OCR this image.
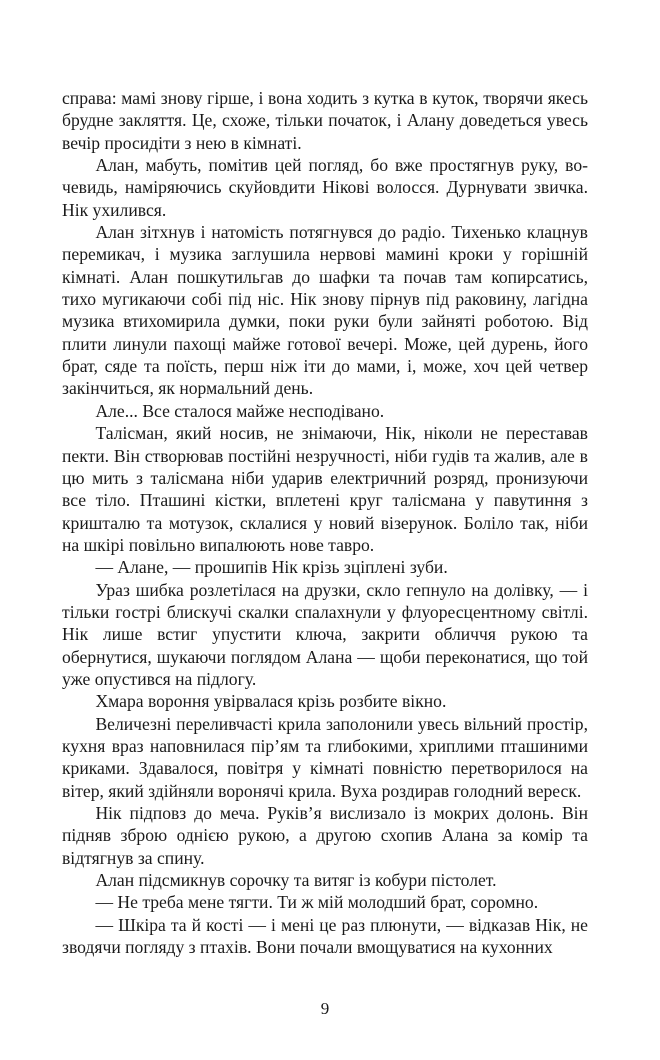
справа: мамі знову гірше, і вона ходить з кутка в куток, творячи якесь брудне закляття. Це, схоже, тільки початок, і Алану доведеться увесь вечір просидіти з нею в кімнаті.

Алан, мабуть, помітив цей погляд, бо вже простягнув руку, вочевидь, наміряючись скуйовдити Нікові волосся. Дурнувати звичка. Нік ухилився.

Алан зітхнув і натомість потягнувся до радіо. Тихенько клацнув перемикач, і музика заглушила нервові мамині кроки у горішній кімнаті. Алан пошкутильгав до шафки та почав там копирсатись, тихо мугикаючи собі під ніс. Нік знову пірнув під раковину, лагідна музика втихомирила думки, поки руки були зайняті роботою. Від плити линули пахощі майже готової вечері. Може, цей дурень, його брат, сяде та поїсть, перш ніж іти до мами, і, може, хоч цей четвер закінчиться, як нормальний день.

Але... Все сталося майже несподівано.

Талісман, який носив, не знімаючи, Нік, ніколи не переставав пекти. Він створював постійні незручності, ніби гудів та жалив, але в цю мить з талісмана ніби ударив електричний розряд, пронизуючи все тіло. Пташині кістки, вплетені круг талісмана у павутиння з кришталю та мотузок, склалися у новий візерунок. Боліло так, ніби на шкірі повільно випалюють нове тавро.

— Алане, — прошипів Нік крізь зціплені зуби.

Ураз шибка розлетілася на друзки, скло гепнуло на долівку, — і тільки гострі блискучі скалки спалахнули у флуоресцентному світлі. Нік лише встиг упустити ключа, закрити обличчя рукою та обернутися, шукаючи поглядом Алана — щоби переконатися, що той уже опустився на підлогу.

Хмара вороння увірвалася крізь розбите вікно.

Величезні переливчасті крила заполонили увесь вільний простір, кухня враз наповнилася пір’ям та глибокими, хриплими пташиними криками. Здавалося, повітря у кімнаті повністю перетворилося на вітер, який здійняли воронячі крила. Вуха роздирав голодний вереск.

Нік підповз до меча. Руків’я вислизало із мокрих долонь. Він підняв зброю однією рукою, а другою схопив Алана за комір та відтягнув за спину.

Алан підсмикнув сорочку та витяг із кобури пістолет.

— Не треба мене тягти. Ти ж мій молодший брат, соромно.

— Шкіра та й кості — і мені це раз плюнути, — відказав Нік, не зводячи погляду з птахів. Вони почали вмощуватися на кухонних

9
